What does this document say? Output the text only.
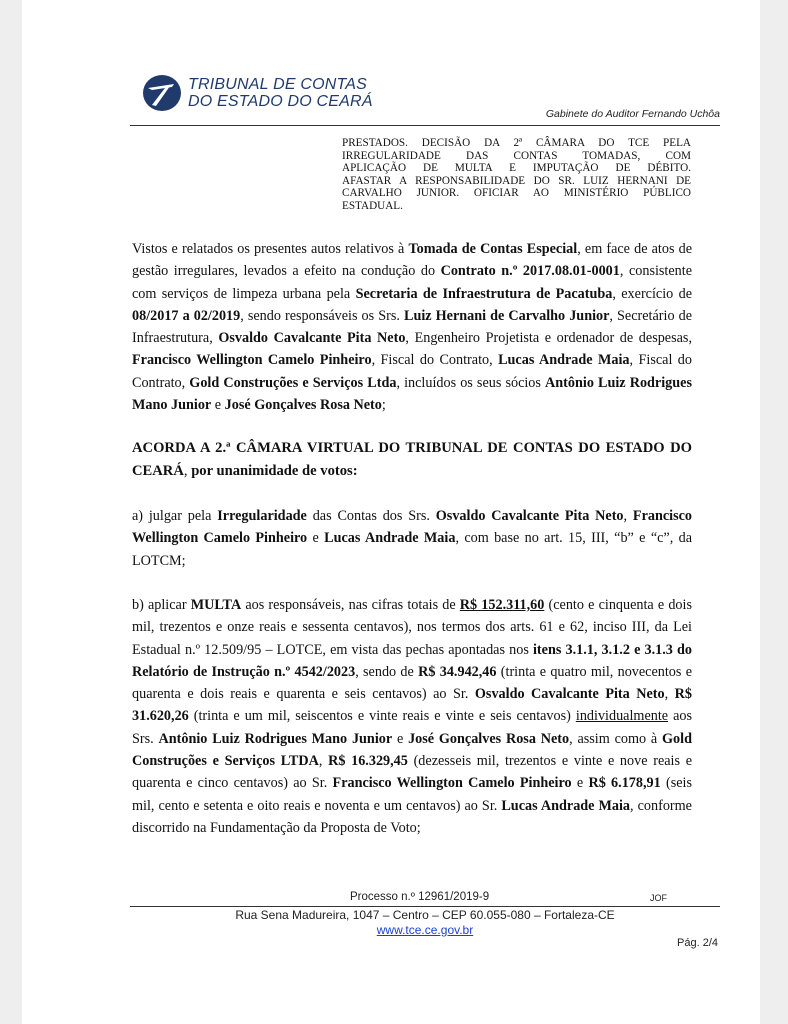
TRIBUNAL DE CONTAS
DO ESTADO DO CEARÁ
Gabinete do Auditor Fernando Uchôa
PRESTADOS. DECISÃO DA 2ª CÂMARA DO TCE PELA
IRREGULARIDADE DAS CONTAS TOMADAS, COM
APLICAÇÃO DE MULTA E IMPUTAÇÃO DE DÉBITO.
AFASTAR A RESPONSABILIDADE DO SR. LUIZ HERNANI DE
CARVALHO JUNIOR. OFICIAR AO MINISTÉRIO PÚBLICO
ESTADUAL.
Vistos e relatados os presentes autos relativos à Tomada de Contas Especial, em face de atos de gestão irregulares, levados a efeito na condução do Contrato n.º 2017.08.01-0001, consistente com serviços de limpeza urbana pela Secretaria de Infraestrutura de Pacatuba, exercício de 08/2017 a 02/2019, sendo responsáveis os Srs. Luiz Hernani de Carvalho Junior, Secretário de Infraestrutura, Osvaldo Cavalcante Pita Neto, Engenheiro Projetista e ordenador de despesas, Francisco Wellington Camelo Pinheiro, Fiscal do Contrato, Lucas Andrade Maia, Fiscal do Contrato, Gold Construções e Serviços Ltda, incluídos os seus sócios Antônio Luiz Rodrigues Mano Junior e José Gonçalves Rosa Neto;
ACORDA A 2.ª CÂMARA VIRTUAL DO TRIBUNAL DE CONTAS DO ESTADO DO CEARÁ, por unanimidade de votos:
a) julgar pela Irregularidade das Contas dos Srs. Osvaldo Cavalcante Pita Neto, Francisco Wellington Camelo Pinheiro e Lucas Andrade Maia, com base no art. 15, III, “b” e “c”, da LOTCM;
b) aplicar MULTA aos responsáveis, nas cifras totais de R$ 152.311,60 (cento e cinquenta e dois mil, trezentos e onze reais e sessenta centavos), nos termos dos arts. 61 e 62, inciso III, da Lei Estadual n.º 12.509/95 – LOTCE, em vista das pechas apontadas nos itens 3.1.1, 3.1.2 e 3.1.3 do Relatório de Instrução n.º 4542/2023, sendo de R$ 34.942,46 (trinta e quatro mil, novecentos e quarenta e dois reais e quarenta e seis centavos) ao Sr. Osvaldo Cavalcante Pita Neto, R$ 31.620,26 (trinta e um mil, seiscentos e vinte reais e vinte e seis centavos) individualmente aos Srs. Antônio Luiz Rodrigues Mano Junior e José Gonçalves Rosa Neto, assim como à Gold Construções e Serviços LTDA, R$ 16.329,45 (dezesseis mil, trezentos e vinte e nove reais e quarenta e cinco centavos) ao Sr. Francisco Wellington Camelo Pinheiro e R$ 6.178,91 (seis mil, cento e setenta e oito reais e noventa e um centavos) ao Sr. Lucas Andrade Maia, conforme discorrido na Fundamentação da Proposta de Voto;
Processo n.º 12961/2019-9	JOF
Rua Sena Madureira, 1047 – Centro – CEP 60.055-080 – Fortaleza-CE
www.tce.ce.gov.br
Pág. 2/4
